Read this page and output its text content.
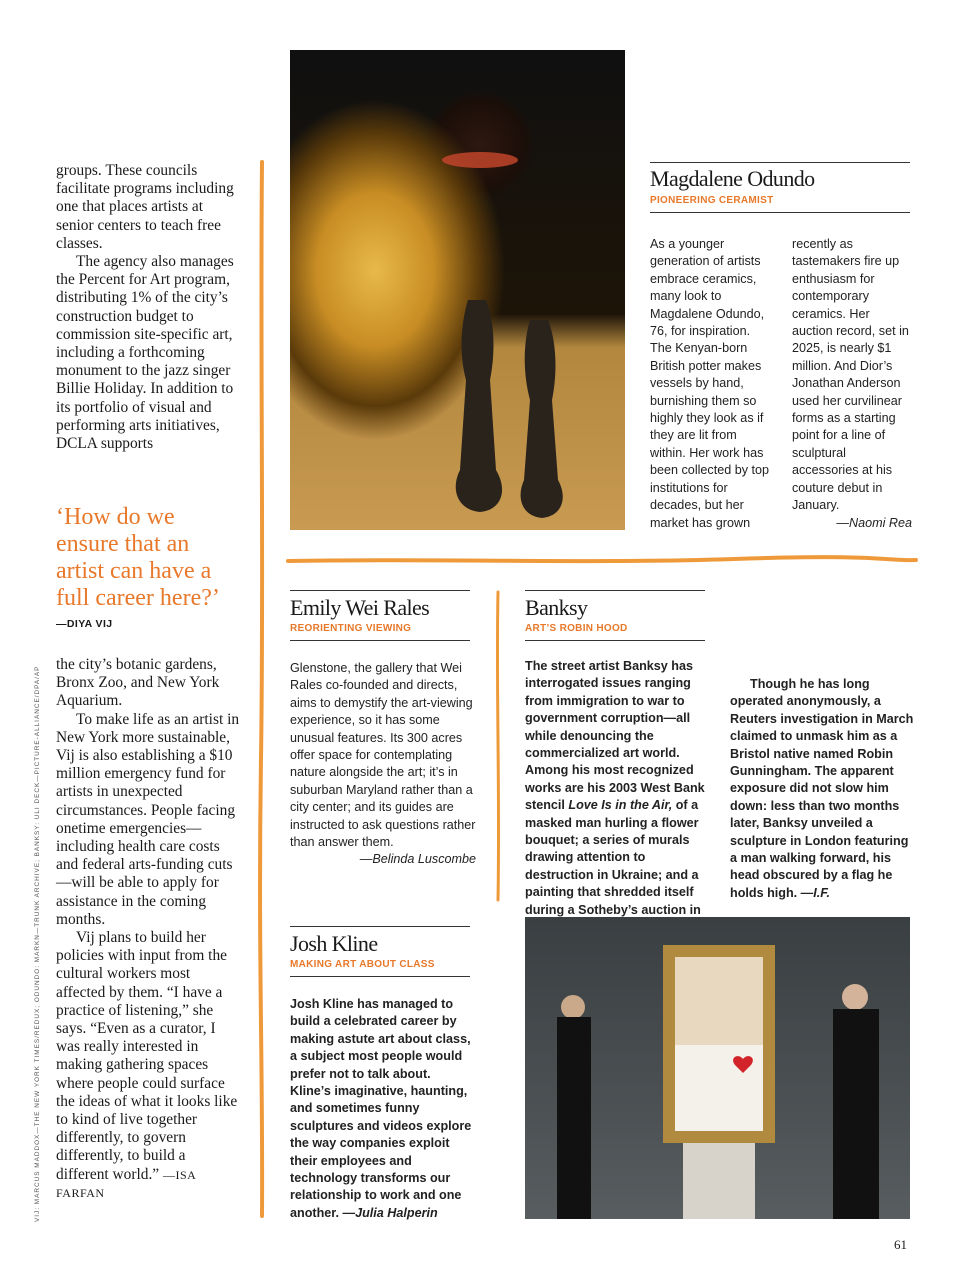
groups. These councils facilitate programs including one that places artists at senior centers to teach free classes.

The agency also manages the Percent for Art program, distributing 1% of the city’s construction budget to commission site-specific art, including a forthcoming monument to the jazz singer Billie Holiday. In addition to its portfolio of visual and performing arts initiatives, DCLA supports

‘How do we ensure that an artist can have a full career here?’
—DIYA VIJ

the city’s botanic gardens, Bronx Zoo, and New York Aquarium.

To make life as an artist in New York more sustainable, Vij is also establishing a $10 million emergency fund for artists in unexpected circumstances. People facing onetime emergencies—including health care costs and federal arts-funding cuts—will be able to apply for assistance in the coming months.

Vij plans to build her policies with input from the cultural workers most affected by them. “I have a practice of listening,” she says. “Even as a curator, I was really interested in making gathering spaces where people could surface the ideas of what it looks like to kind of live together differently, to govern differently, to build a different world.” —ISA FARFAN

VIJ: MARCUS MADDOX—THE NEW YORK TIMES/REDUX; ODUNDO: MARKN—TRUNK ARCHIVE; BANKSY: ULI DECK—PICTURE-ALLIANCE/DPA/AP
Magdalene Odundo
PIONEERING CERAMIST
As a younger generation of artists embrace ceramics, many look to Magdalene Odundo, 76, for inspiration. The Kenyan-born British potter makes vessels by hand, burnishing them so highly they look as if they are lit from within. Her work has been collected by top institutions for decades, but her market has grown recently as tastemakers fire up enthusiasm for contemporary ceramics. Her auction record, set in 2025, is nearly $1 million. And Dior’s Jonathan Anderson used her curvilinear forms as a starting point for a line of sculptural accessories at his couture debut in January.
—Naomi Rea
Emily Wei Rales
REORIENTING VIEWING
Glenstone, the gallery that Wei Rales co-founded and directs, aims to demystify the art-viewing experience, so it has some unusual features. Its 300 acres offer space for contemplating nature alongside the art; it’s in suburban Maryland rather than a city center; and its guides are instructed to ask questions rather than answer them.
—Belinda Luscombe
Josh Kline
MAKING ART ABOUT CLASS
Josh Kline has managed to build a celebrated career by making astute art about class, a subject most people would prefer not to talk about. Kline’s imaginative, haunting, and sometimes funny sculptures and videos explore the way companies exploit their employees and technology transforms our relationship to work and one another. —Julia Halperin
Banksy
ART’S ROBIN HOOD
The street artist Banksy has interrogated issues ranging from immigration to war to government corruption—all while denouncing the commercialized art world. Among his most recognized works are his 2003 West Bank stencil Love Is in the Air, of a masked man hurling a flower bouquet; a series of murals drawing attention to destruction in Ukraine; and a painting that shredded itself during a Sotheby’s auction in
Though he has long operated anonymously, a Reuters investigation in March claimed to unmask him as a Bristol native named Robin Gunningham. The apparent exposure did not slow him down: less than two months later, Banksy unveiled a sculpture in London featuring a man walking forward, his head obscured by a flag he holds high. —I.F.
61
